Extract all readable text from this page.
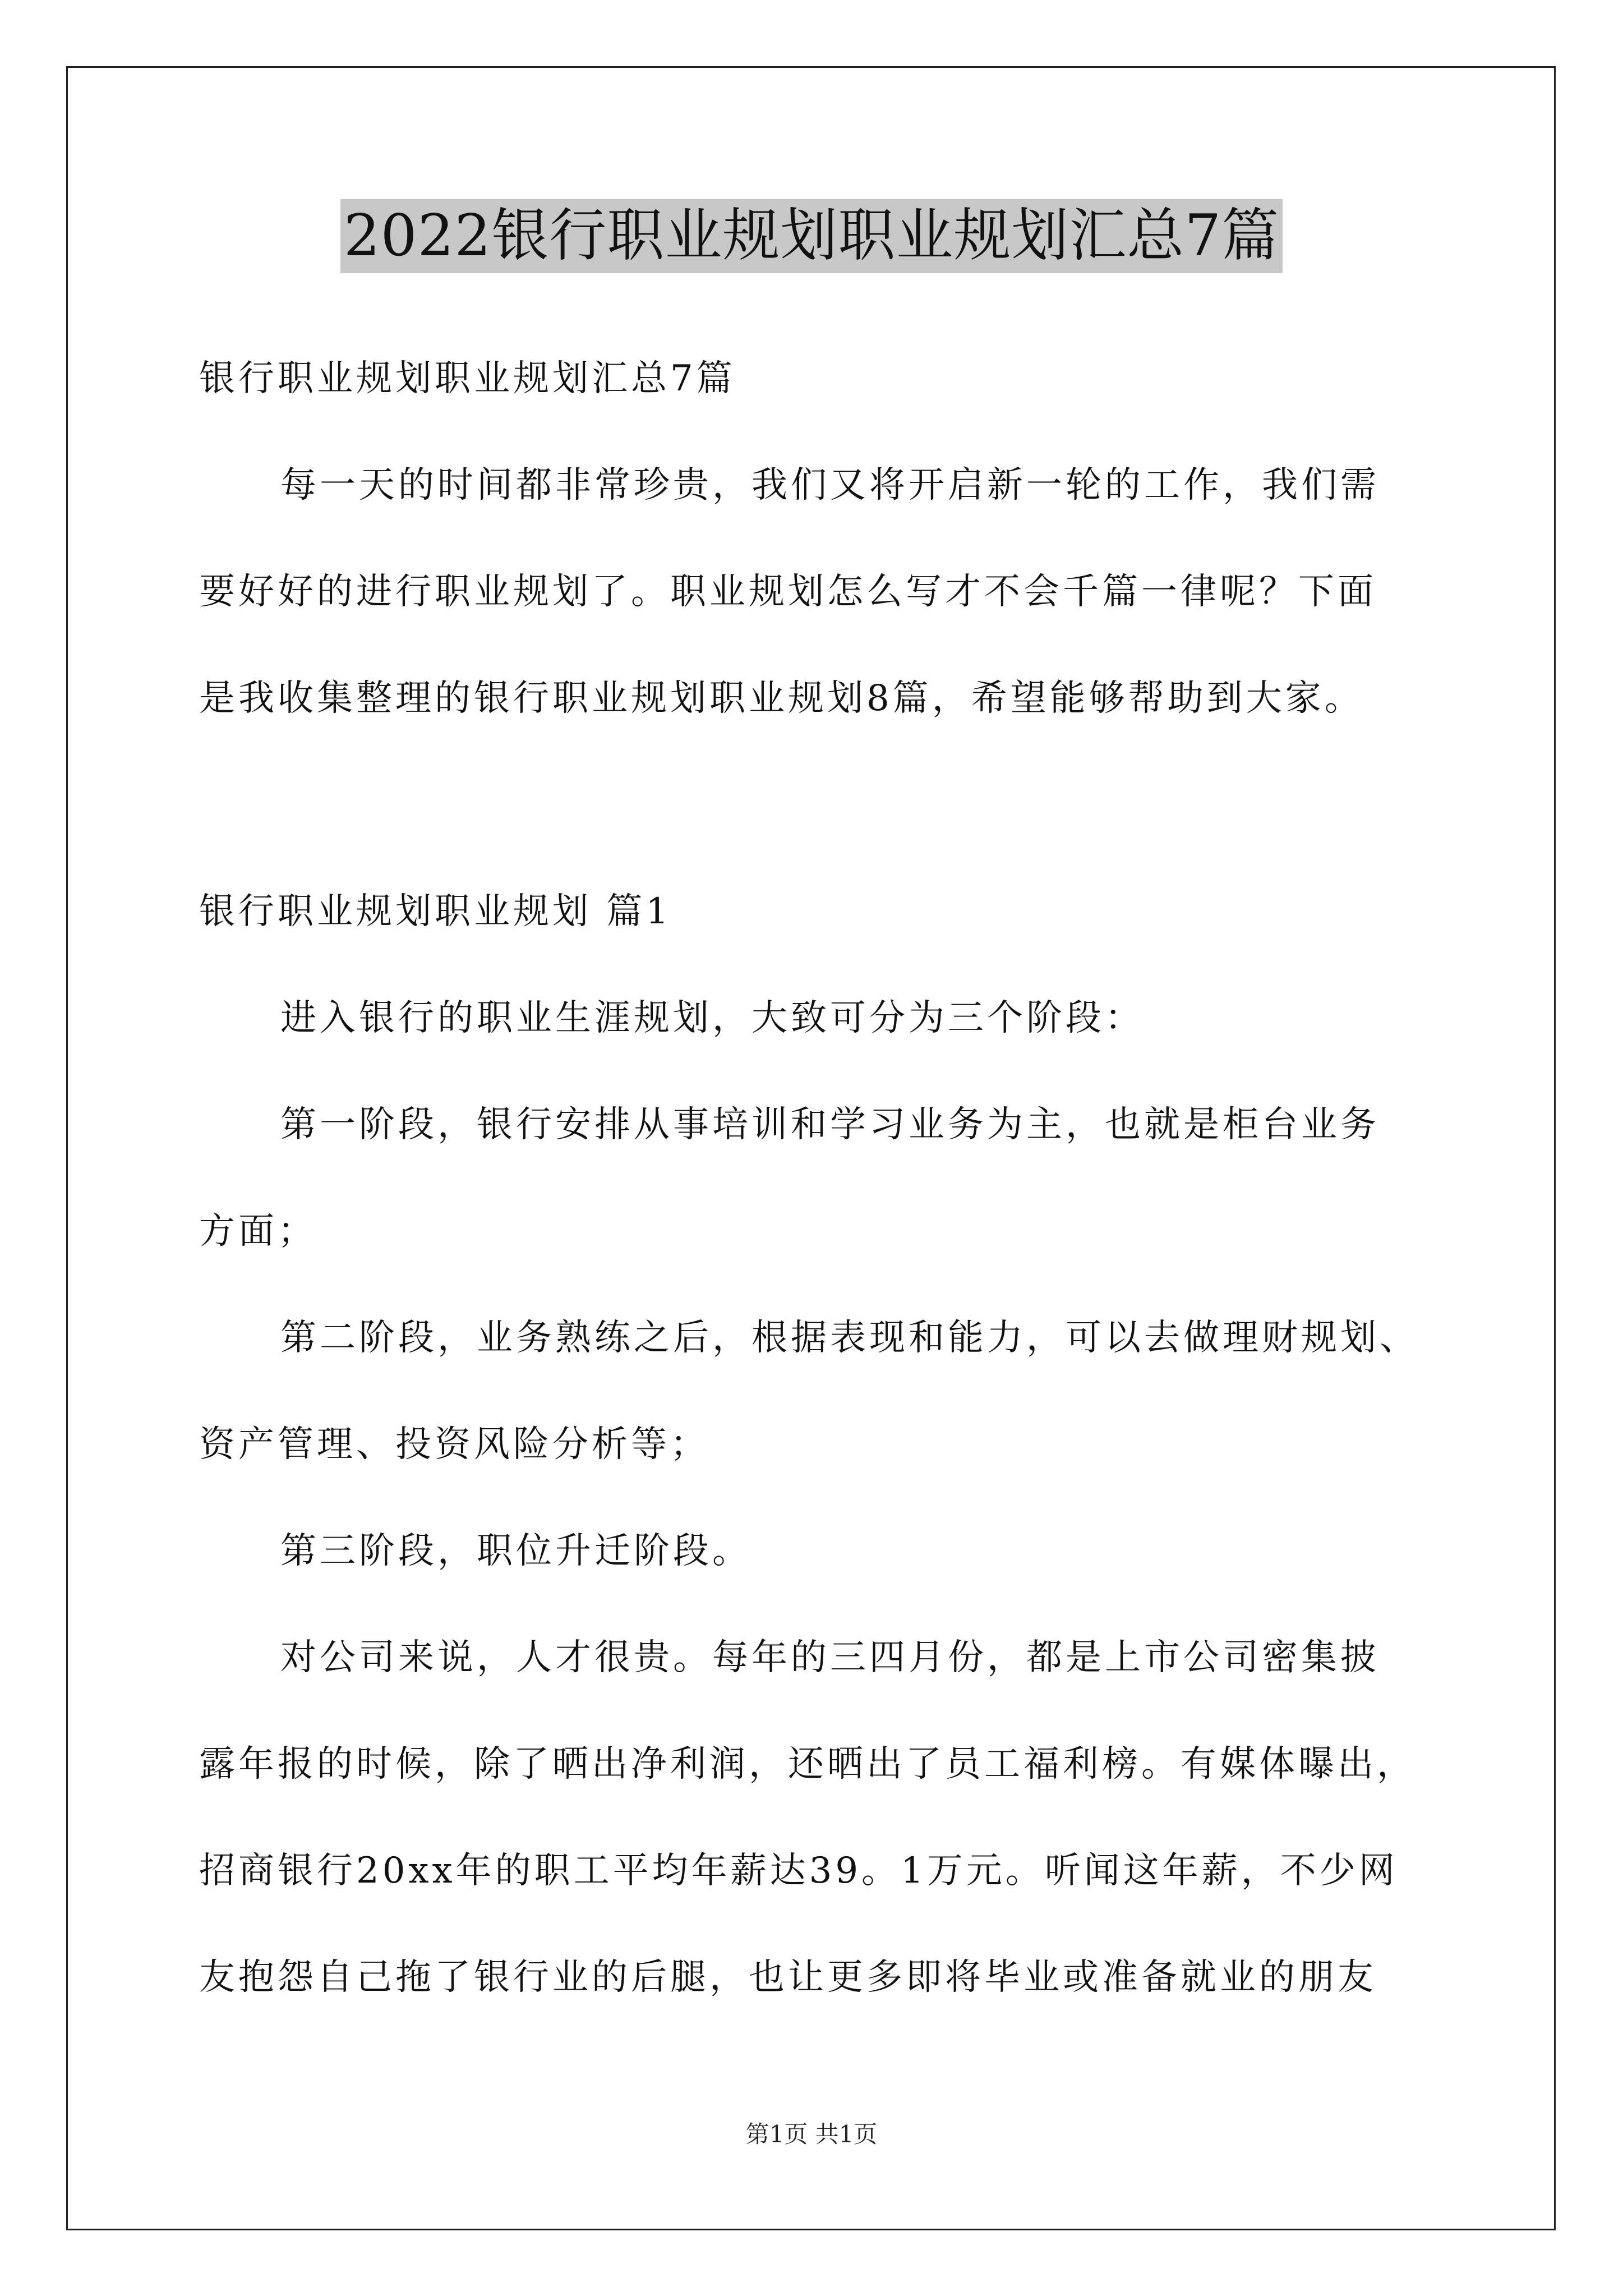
2022银行职业规划职业规划汇总7篇
银行职业规划职业规划汇总7篇
每一天的时间都非常珍贵，我们又将开启新一轮的工作，我们需
要好好的进行职业规划了。职业规划怎么写才不会千篇一律呢？下面
是我收集整理的银行职业规划职业规划8篇，希望能够帮助到大家。
银行职业规划职业规划 篇1
进入银行的职业生涯规划，大致可分为三个阶段：
第一阶段，银行安排从事培训和学习业务为主，也就是柜台业务
方面；
第二阶段，业务熟练之后，根据表现和能力，可以去做理财规划、
资产管理、投资风险分析等；
第三阶段，职位升迁阶段。
对公司来说，人才很贵。每年的三四月份，都是上市公司密集披
露年报的时候，除了晒出净利润，还晒出了员工福利榜。有媒体曝出，
招商银行20xx年的职工平均年薪达39。1万元。听闻这年薪，不少网
友抱怨自己拖了银行业的后腿，也让更多即将毕业或准备就业的朋友
第1页 共1页
